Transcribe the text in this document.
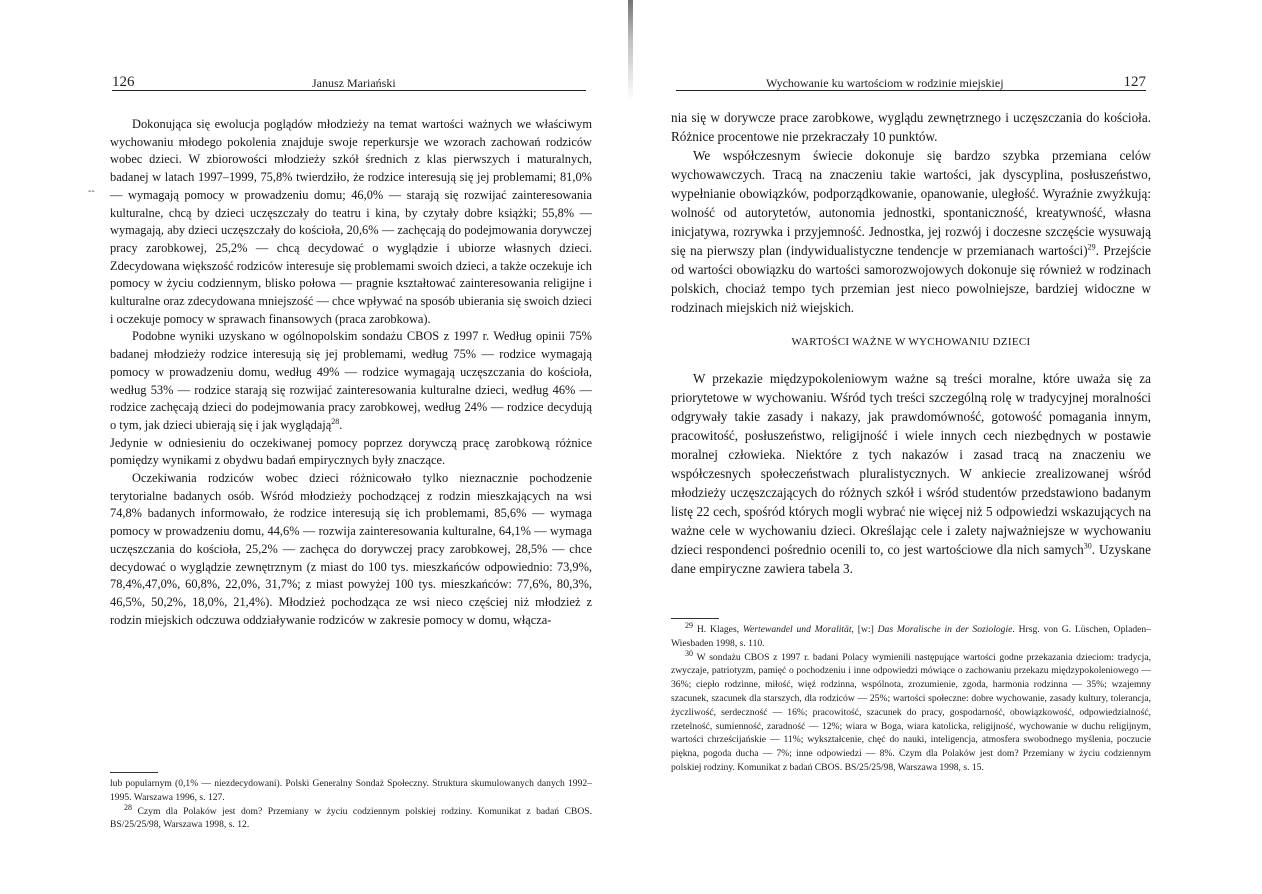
126	Janusz Mariański
--

Dokonująca się ewolucja poglądów młodzieży na temat wartości ważnych we właściwym wychowaniu młodego pokolenia znajduje swoje reperkursje we wzorach zachowań rodziców wobec dzieci. W zbiorowości młodzieży szkół średnich z klas pierwszych i maturalnych, badanej w latach 1997–1999, 75,8% twierdziło, że rodzice interesują się jej problemami; 81,0% — wymagają pomocy w prowadzeniu domu; 46,0% — starają się rozwijać zainteresowania kulturalne, chcą by dzieci uczęszczały do teatru i kina, by czytały dobre książki; 55,8% — wymagają, aby dzieci uczęszczały do kościoła, 20,6% — zachęcają do podejmowania dorywczej pracy zarobkowej, 25,2% — chcą decydować o wyglądzie i ubiorze własnych dzieci. Zdecydowana większość rodziców interesuje się problemami swoich dzieci, a także oczekuje ich pomocy w życiu codziennym, blisko połowa — pragnie kształtować zainteresowania religijne i kulturalne oraz zdecydowana mniejszość — chce wpływać na sposób ubierania się swoich dzieci i oczekuje pomocy w sprawach finansowych (praca zarobkowa).

Podobne wyniki uzyskano w ogólnopolskim sondażu CBOS z 1997 r. Według opinii 75% badanej młodzieży rodzice interesują się jej problemami, według 75% — rodzice wymagają pomocy w prowadzeniu domu, według 49% — rodzice wymagają uczęszczania do kościoła, według 53% — rodzice starają się rozwijać zainteresowania kulturalne dzieci, według 46% — rodzice zachęcają dzieci do podejmowania pracy zarobkowej, według 24% — rodzice decydują o tym, jak dzieci ubierają się i jak wyglądają$^{28}$.

Jedynie w odniesieniu do oczekiwanej pomocy poprzez dorywczą pracę zarobkową różnice pomiędzy wynikami z obydwu badań empirycznych były znaczące.

Oczekiwania rodziców wobec dzieci różnicowało tylko nieznacznie pochodzenie terytorialne badanych osób. Wśród młodzieży pochodzącej z rodzin mieszkających na wsi 74,8% badanych informowało, że rodzice interesują się ich problemami, 85,6% — wymaga pomocy w prowadzeniu domu, 44,6% — rozwija zainteresowania kulturalne, 64,1% — wymaga uczęszczania do kościoła, 25,2% — zachęca do dorywczej pracy zarobkowej, 28,5% — chce decydować o wyglądzie zewnętrznym (z miast do 100 tys. mieszkańców odpowiednio: 73,9%, 78,4%,47,0%, 60,8%, 22,0%, 31,7%; z miast powyżej 100 tys. mieszkańców: 77,6%, 80,3%, 46,5%, 50,2%, 18,0%, 21,4%). Młodzież pochodząca ze wsi nieco częściej niż młodzież z rodzin miejskich odczuwa oddziaływanie rodziców w zakresie pomocy w domu, włącza-

lub popularnym (0,1% — niezdecydowani). Polski Generalny Sondaż Społeczny. Struktura skumulowanych danych 1992–1995. Warszawa 1996, s. 127.

$^{28}$ Czym dla Polaków jest dom? Przemiany w życiu codziennym polskiej rodziny. Komunikat z badań CBOS. BS/25/25/98, Warszawa 1998, s. 12.

Wychowanie ku wartościom w rodzinie miejskiej	127

nia się w dorywcze prace zarobkowe, wyglądu zewnętrznego i uczęszczania do kościoła. Różnice procentowe nie przekraczały 10 punktów.

We współczesnym świecie dokonuje się bardzo szybka przemiana celów wychowawczych. Tracą na znaczeniu takie wartości, jak dyscyplina, posłuszeństwo, wypełnianie obowiązków, podporządkowanie, opanowanie, uległość. Wyraźnie zwyżkują: wolność od autorytetów, autonomia jednostki, spontaniczność, kreatywność, własna inicjatywa, rozrywka i przyjemność. Jednostka, jej rozwój i doczesne szczęście wysuwają się na pierwszy plan (indywidualistyczne tendencje w przemianach wartości)$^{29}$. Przejście od wartości obowiązku do wartości samorozwojowych dokonuje się również w rodzinach polskich, chociaż tempo tych przemian jest nieco powolniejsze, bardziej widoczne w rodzinach miejskich niż wiejskich.

WARTOŚCI WAŻNE W WYCHOWANIU DZIECI

W przekazie międzypokoleniowym ważne są treści moralne, które uważa się za priorytetowe w wychowaniu. Wśród tych treści szczególną rolę w tradycyjnej moralności odgrywały takie zasady i nakazy, jak prawdomówność, gotowość pomagania innym, pracowitość, posłuszeństwo, religijność i wiele innych cech niezbędnych w postawie moralnej człowieka. Niektóre z tych nakazów i zasad tracą na znaczeniu we współczesnych społeczeństwach pluralistycznych. W ankiecie zrealizowanej wśród młodzieży uczęszczających do różnych szkół i wśród studentów przedstawiono badanym listę 22 cech, spośród których mogli wybrać nie więcej niż 5 odpowiedzi wskazujących na ważne cele w wychowaniu dzieci. Określając cele i zalety najważniejsze w wychowaniu dzieci respondenci pośrednio ocenili to, co jest wartościowe dla nich samych$^{30}$. Uzyskane dane empiryczne zawiera tabela 3.

$^{29}$ H. Klages, Wertewandel und Moralität, [w:] Das Moralische in der Soziologie. Hrsg. von G. Lüschen, Opladen–Wiesbaden 1998, s. 110.

$^{30}$ W sondażu CBOS z 1997 r. badani Polacy wymienili następujące wartości godne przekazania dzieciom: tradycja, zwyczaje, patriotyzm, pamięć o pochodzeniu i inne odpowiedzi mówiące o zachowaniu przekazu międzypokoleniowego — 36%; ciepło rodzinne, miłość, więź rodzinna, wspólnota, zrozumienie, zgoda, harmonia rodzinna — 35%; wzajemny szacunek, szacunek dla starszych, dla rodziców — 25%; wartości społeczne: dobre wychowanie, zasady kultury, tolerancja, życzliwość, serdeczność — 16%; pracowitość, szacunek do pracy, gospodarność, obowiązkowość, odpowiedzialność, rzetelność, sumienność, zaradność — 12%; wiara w Boga, wiara katolicka, religijność, wychowanie w duchu religijnym, wartości chrześcijańskie — 11%; wykształcenie, chęć do nauki, inteligencja, atmosfera swobodnego myślenia, poczucie piękna, pogoda ducha — 7%; inne odpowiedzi — 8%. Czym dla Polaków jest dom? Przemiany w życiu codziennym polskiej rodziny. Komunikat z badań CBOS. BS/25/25/98, Warszawa 1998, s. 15.
